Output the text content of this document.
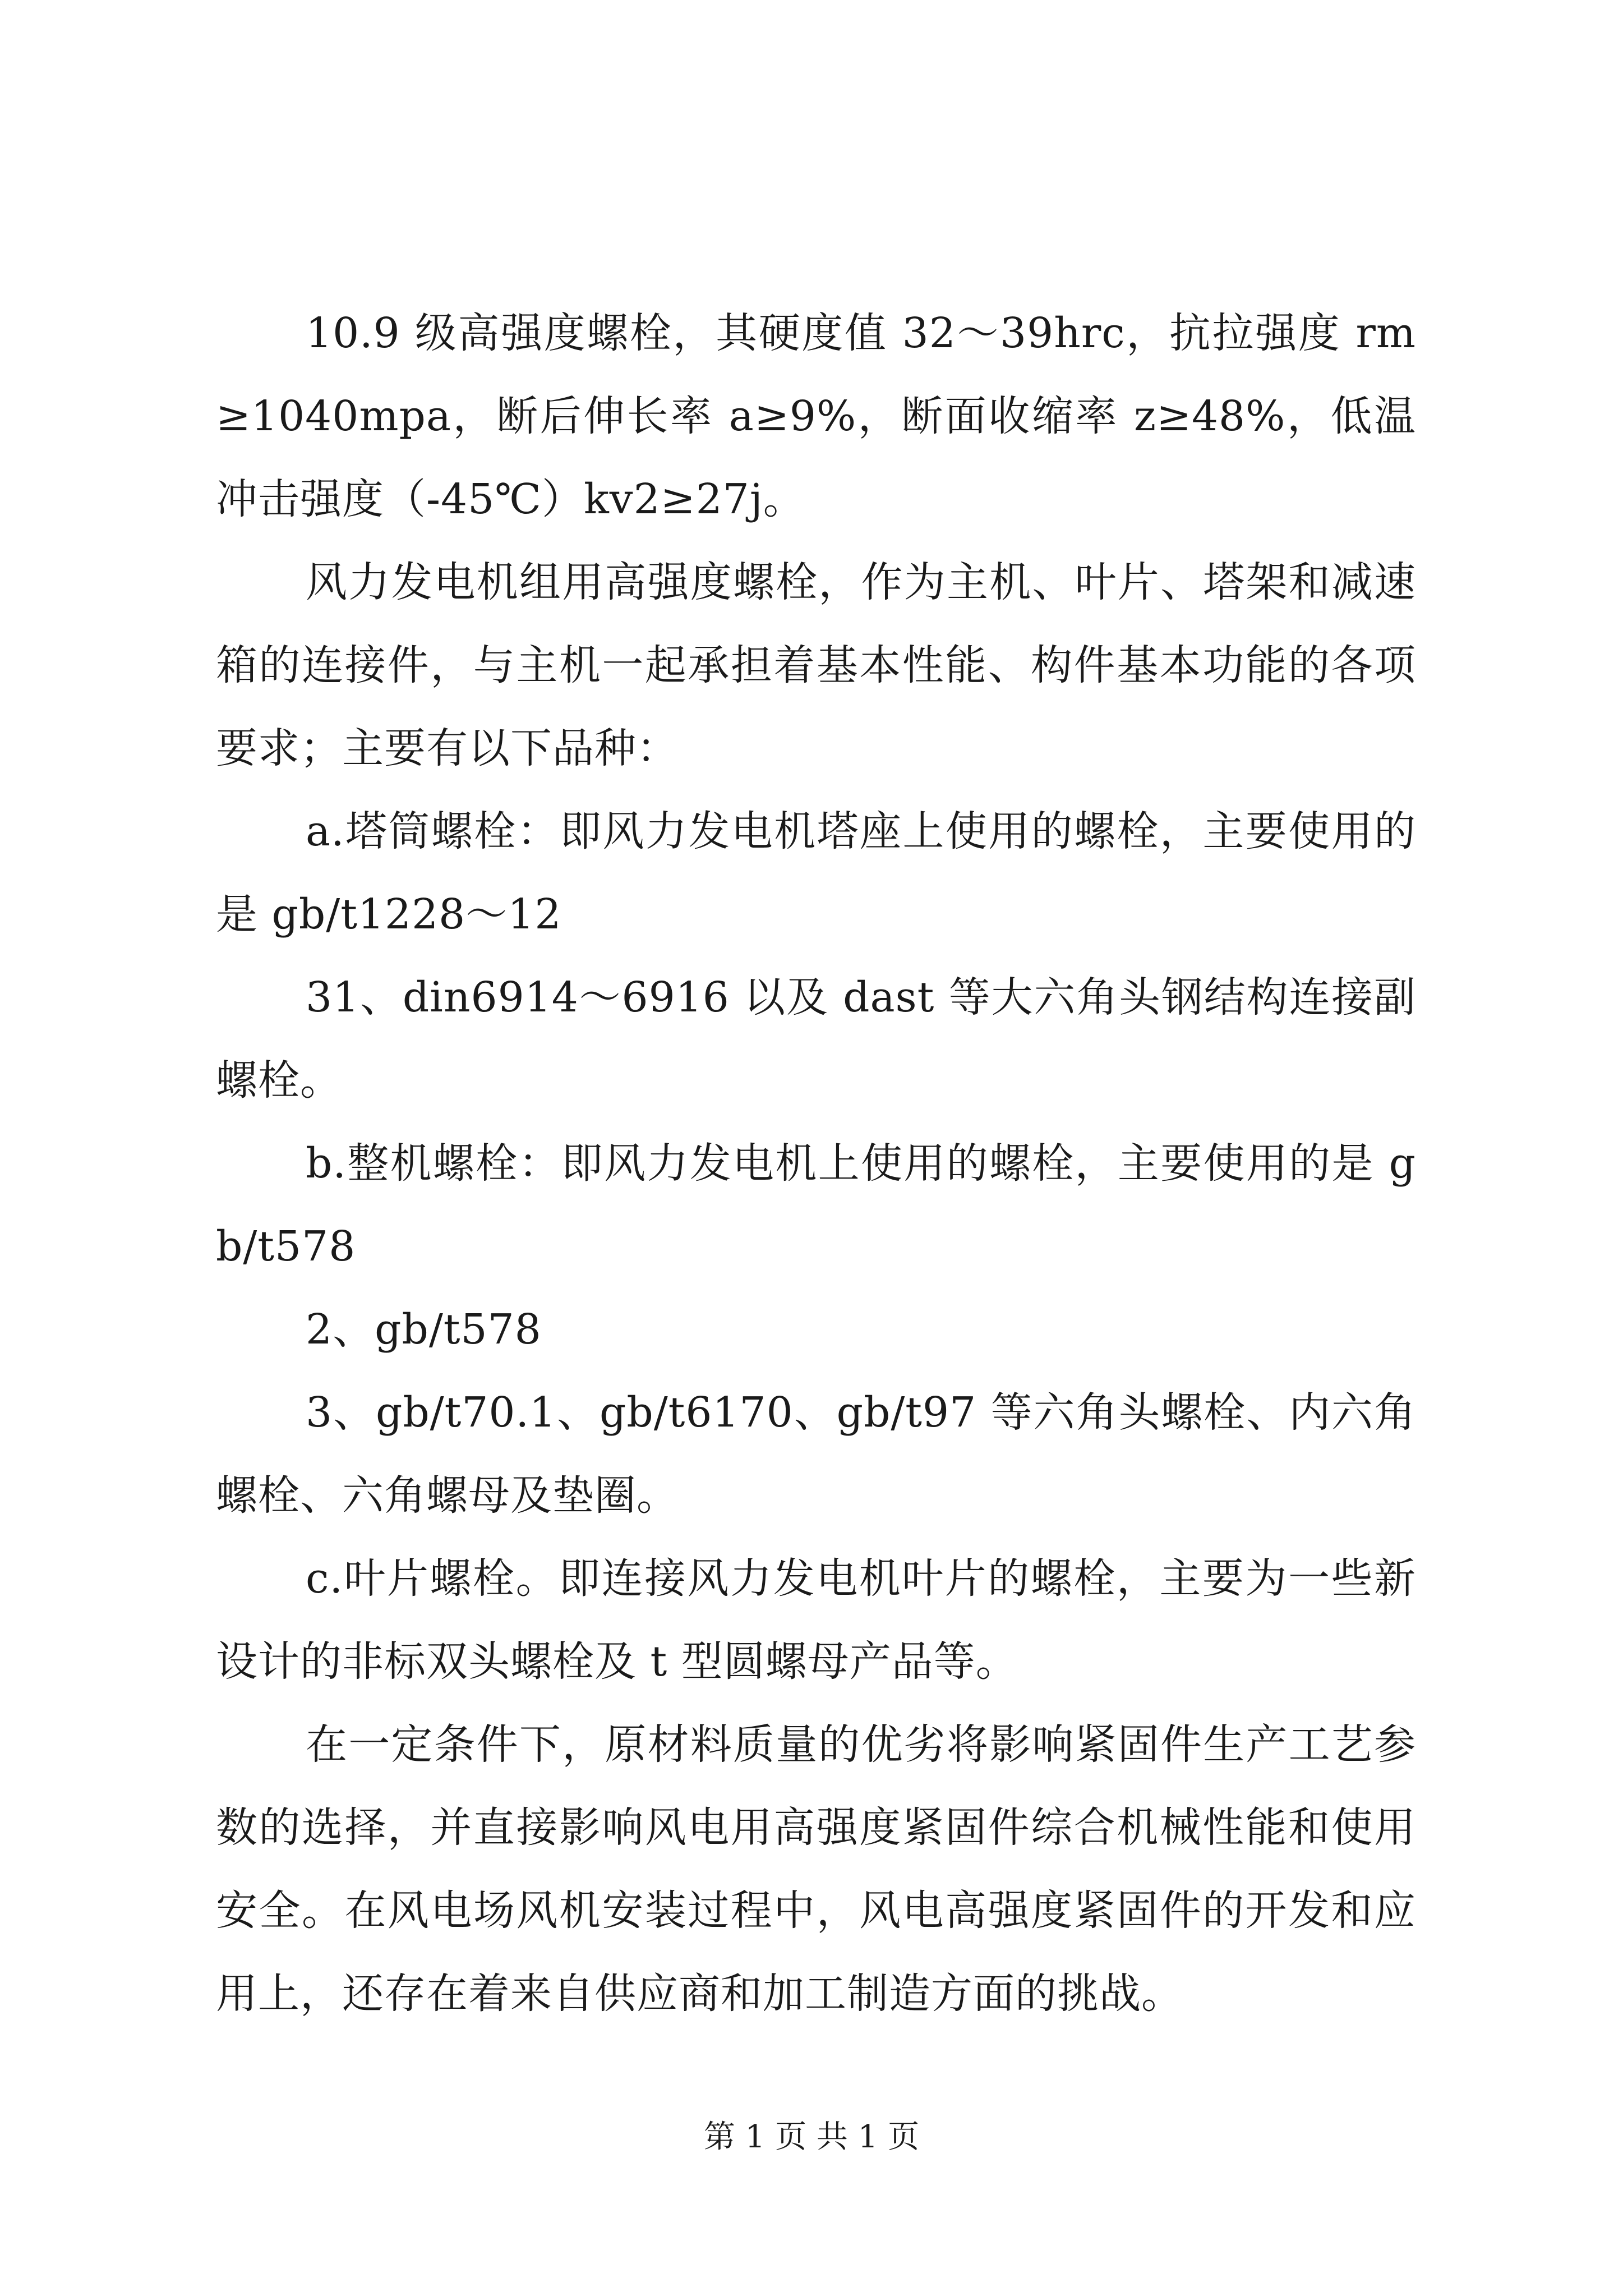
10.9 级高强度螺栓，其硬度值 32～39hrc，抗拉强度 rm≥1040mpa，断后伸长率 a≥9%，断面收缩率 z≥48%，低温冲击强度（-45℃）kv2≥27j。

风力发电机组用高强度螺栓，作为主机、叶片、塔架和减速箱的连接件，与主机一起承担着基本性能、构件基本功能的各项要求；主要有以下品种：

a.塔筒螺栓：即风力发电机塔座上使用的螺栓，主要使用的是 gb/t1228～12

31、din6914～6916 以及 dast 等大六角头钢结构连接副螺栓。

b.整机螺栓：即风力发电机上使用的螺栓，主要使用的是 gb/t578

2、gb/t578

3、gb/t70.1、gb/t6170、gb/t97 等六角头螺栓、内六角螺栓、六角螺母及垫圈。

c.叶片螺栓。即连接风力发电机叶片的螺栓，主要为一些新设计的非标双头螺栓及 t 型圆螺母产品等。

在一定条件下，原材料质量的优劣将影响紧固件生产工艺参数的选择，并直接影响风电用高强度紧固件综合机械性能和使用安全。在风电场风机安装过程中，风电高强度紧固件的开发和应用上，还存在着来自供应商和加工制造方面的挑战。

第 1 页 共 1 页
